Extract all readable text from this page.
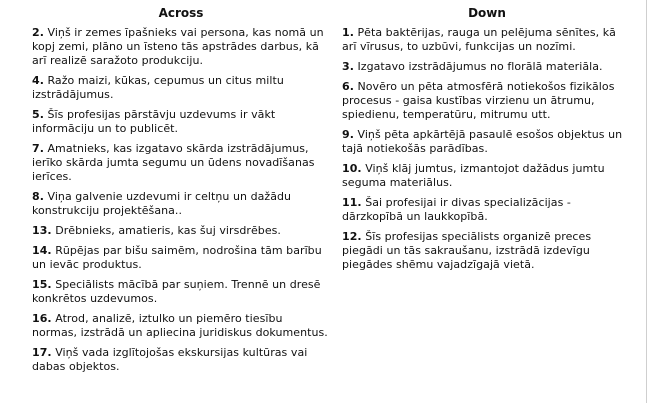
Across

2. Viņš ir zemes īpašnieks vai persona, kas nomā un kopj zemi, plāno un īsteno tās apstrādes darbus, kā arī realizē saražoto produkciju.

4. Ražo maizi, kūkas, cepumus un citus miltu izstrādājumus.

5. Šīs profesijas pārstāvju uzdevums ir vākt informāciju un to publicēt.

7. Amatnieks, kas izgatavo skārda izstrādājumus, ierīko skārda jumta segumu un ūdens novadīšanas ierīces.

8. Viņa galvenie uzdevumi ir celtņu un dažādu konstrukciju projektēšana..

13. Drēbnieks, amatieris, kas šuj virsdrēbes.

14. Rūpējas par bišu saimēm, nodrošina tām barību un ievāc produktus.

15. Speciālists mācībā par suņiem. Trennē un dresē konkrētos uzdevumos.

16. Atrod, analizē, iztulko un piemēro tiesību normas, izstrādā un apliecina juridiskus dokumentus.

17. Viņš vada izglītojošas ekskursijas kultūras vai dabas objektos.

Down

1. Pēta baktērijas, rauga un pelējuma sēnītes, kā arī vīrusus, to uzbūvi, funkcijas un nozīmi.

3. Izgatavo izstrādājumus no florālā materiāla.

6. Novēro un pēta atmosfērā notiekošos fizikālos procesus - gaisa kustības virzienu un ātrumu, spiedienu, temperatūru, mitrumu utt.

9. Viņš pēta apkārtējā pasaulē esošos objektus un tajā notiekošās parādības.

10. Viņš klāj jumtus, izmantojot dažādus jumtu seguma materiālus.

11. Šai profesijai ir divas specializācijas - dārzkopībā un laukkopībā.

12. Šīs profesijas speciālists organizē preces piegādi un tās sakraušanu, izstrādā izdevīgu piegādes shēmu vajadzīgajā vietā.
